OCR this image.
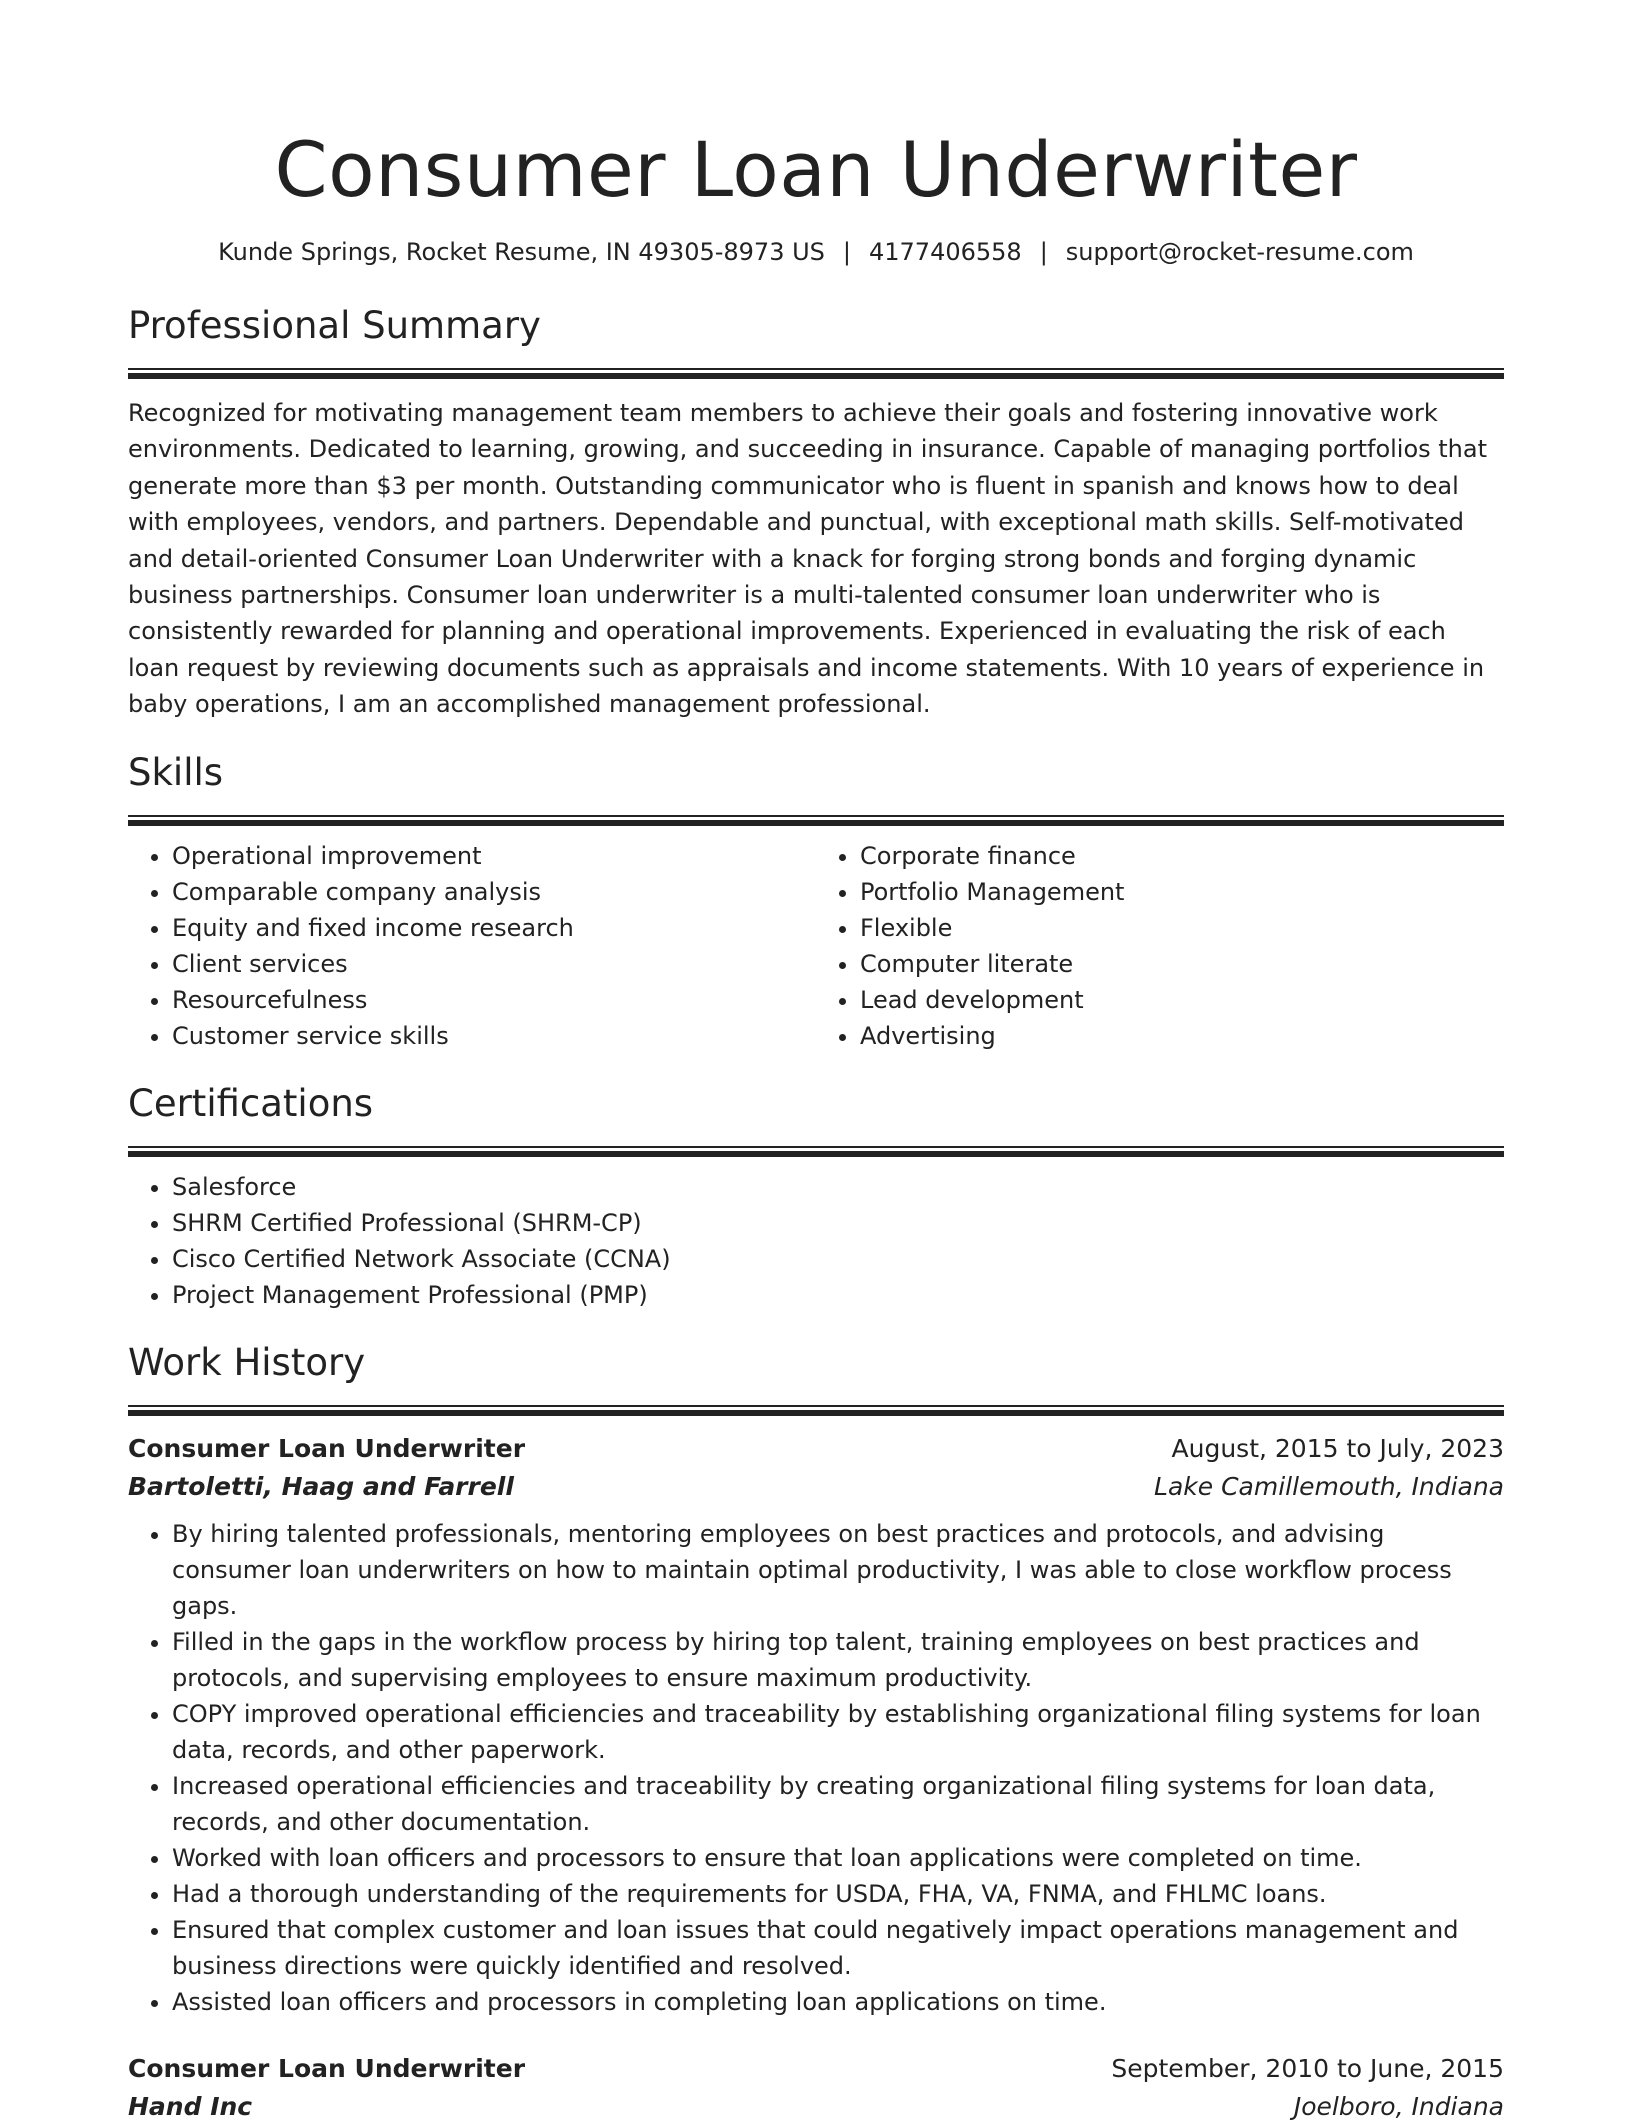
Consumer Loan Underwriter
Kunde Springs, Rocket Resume, IN 49305-8973 US | 4177406558 | support@rocket-resume.com
Professional Summary
Recognized for motivating management team members to achieve their goals and fostering innovative work environments. Dedicated to learning, growing, and succeeding in insurance. Capable of managing portfolios that generate more than $3 per month. Outstanding communicator who is fluent in spanish and knows how to deal with employees, vendors, and partners. Dependable and punctual, with exceptional math skills. Self-motivated and detail-oriented Consumer Loan Underwriter with a knack for forging strong bonds and forging dynamic business partnerships. Consumer loan underwriter is a multi-talented consumer loan underwriter who is consistently rewarded for planning and operational improvements. Experienced in evaluating the risk of each loan request by reviewing documents such as appraisals and income statements. With 10 years of experience in baby operations, I am an accomplished management professional.
Skills
• Operational improvement
• Comparable company analysis
• Equity and fixed income research
• Client services
• Resourcefulness
• Customer service skills
• Corporate finance
• Portfolio Management
• Flexible
• Computer literate
• Lead development
• Advertising
Certifications
• Salesforce
• SHRM Certified Professional (SHRM-CP)
• Cisco Certified Network Associate (CCNA)
• Project Management Professional (PMP)
Work History
Consumer Loan Underwriter	August, 2015 to July, 2023
Bartoletti, Haag and Farrell	Lake Camillemouth, Indiana
• By hiring talented professionals, mentoring employees on best practices and protocols, and advising consumer loan underwriters on how to maintain optimal productivity, I was able to close workflow process gaps.
• Filled in the gaps in the workflow process by hiring top talent, training employees on best practices and protocols, and supervising employees to ensure maximum productivity.
• COPY improved operational efficiencies and traceability by establishing organizational filing systems for loan data, records, and other paperwork.
• Increased operational efficiencies and traceability by creating organizational filing systems for loan data, records, and other documentation.
• Worked with loan officers and processors to ensure that loan applications were completed on time.
• Had a thorough understanding of the requirements for USDA, FHA, VA, FNMA, and FHLMC loans.
• Ensured that complex customer and loan issues that could negatively impact operations management and business directions were quickly identified and resolved.
• Assisted loan officers and processors in completing loan applications on time.
Consumer Loan Underwriter	September, 2010 to June, 2015
Hand Inc	Joelboro, Indiana
